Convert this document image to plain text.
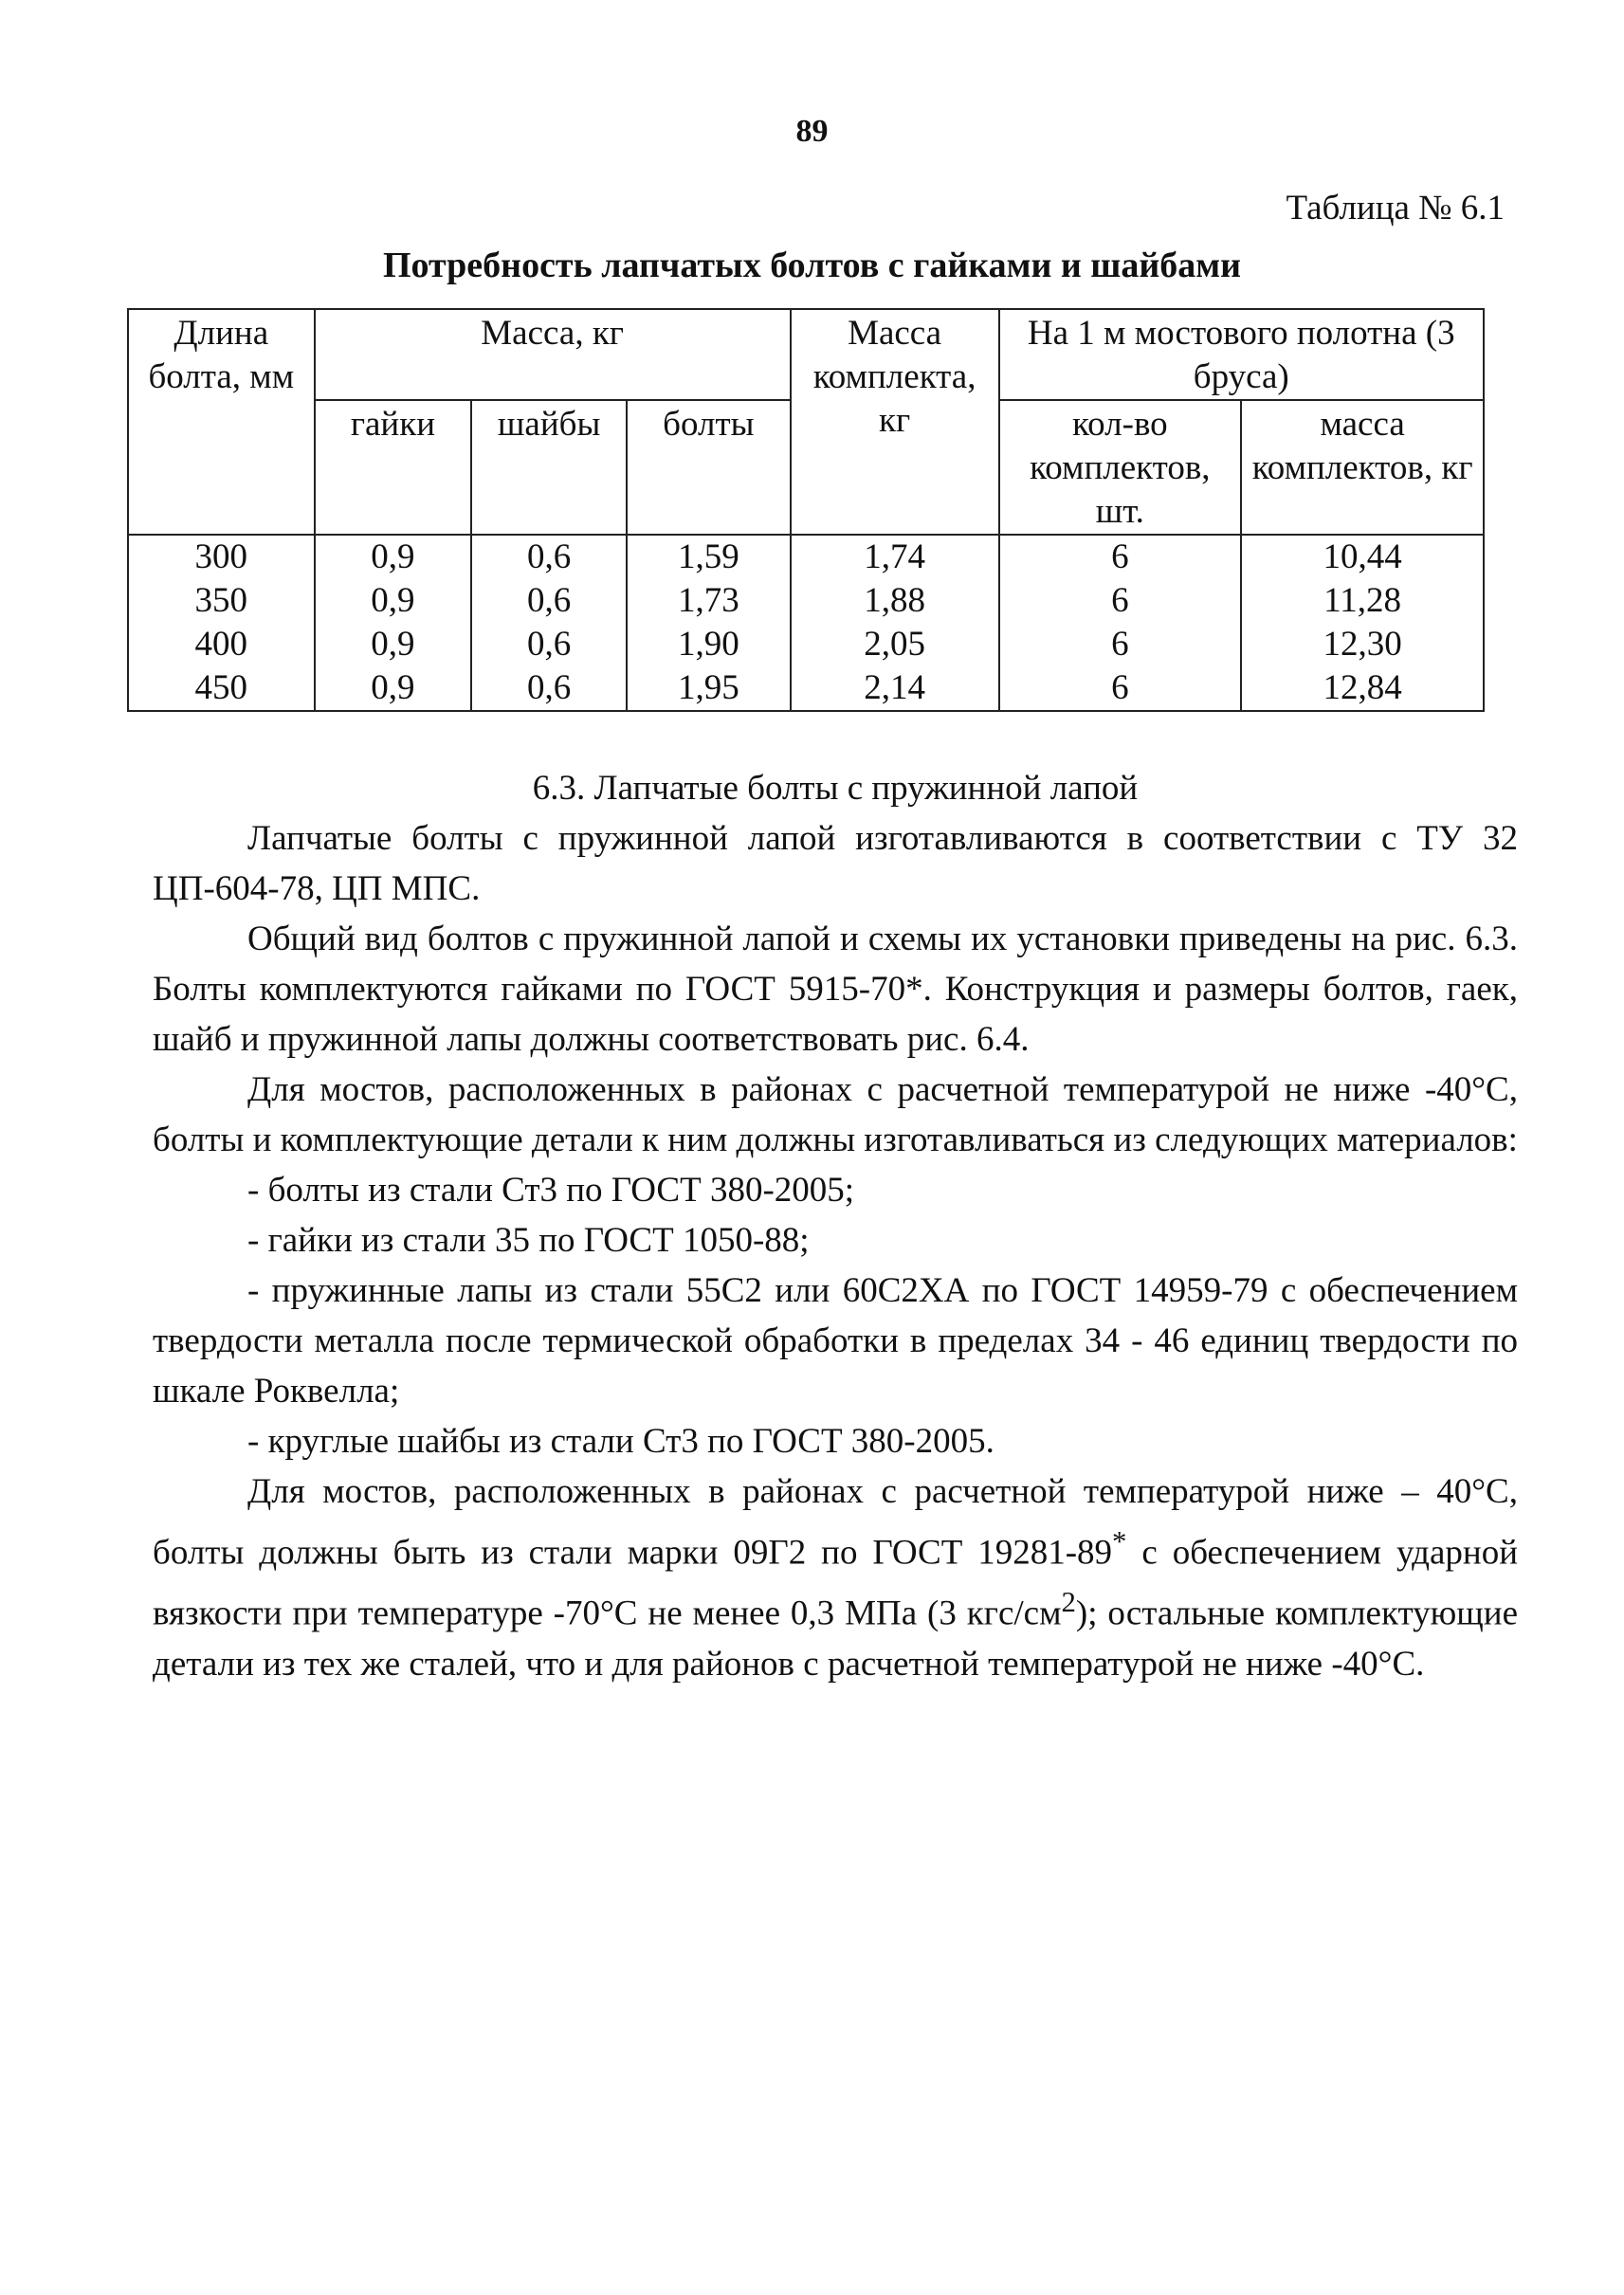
89
Таблица № 6.1
Потребность лапчатых болтов с гайками и шайбами
Длина болта, мм	Масса, кг			Масса комплекта, кг	На 1 м мостового полотна (3 бруса)	
	гайки	шайбы	болты		кол-во комплектов, шт.	масса комплектов, кг
300	0,9	0,6	1,59	1,74	6	10,44
350	0,9	0,6	1,73	1,88	6	11,28
400	0,9	0,6	1,90	2,05	6	12,30
450	0,9	0,6	1,95	2,14	6	12,84

6.3. Лапчатые болты с пружинной лапой

Лапчатые болты с пружинной лапой изготавливаются в соответствии с ТУ 32 ЦП-604-78, ЦП МПС.

Общий вид болтов с пружинной лапой и схемы их установки приведены на рис. 6.3. Болты комплектуются гайками по ГОСТ 5915-70*. Конструкция и размеры болтов, гаек, шайб и пружинной лапы должны соответствовать рис. 6.4.

Для мостов, расположенных в районах с расчетной температурой не ниже -40°С, болты и комплектующие детали к ним должны изготавливаться из следующих материалов:

- болты из стали Ст3 по ГОСТ 380-2005;

- гайки из стали 35 по ГОСТ 1050-88;

- пружинные лапы из стали 55С2 или 60С2ХА по ГОСТ 14959-79 с обеспечением твердости металла после термической обработки в пределах 34 - 46 единиц твердости по шкале Роквелла;

- круглые шайбы из стали Ст3 по ГОСТ 380-2005.

Для мостов, расположенных в районах с расчетной температурой ниже – 40°С, болты должны быть из стали марки 09Г2 по ГОСТ 19281-89* с обеспечением ударной вязкости при температуре -70°С не менее 0,3 МПа (3 кгс/$см^2$); остальные комплектующие детали из тех же сталей, что и для районов с расчетной температурой не ниже -40°С.
